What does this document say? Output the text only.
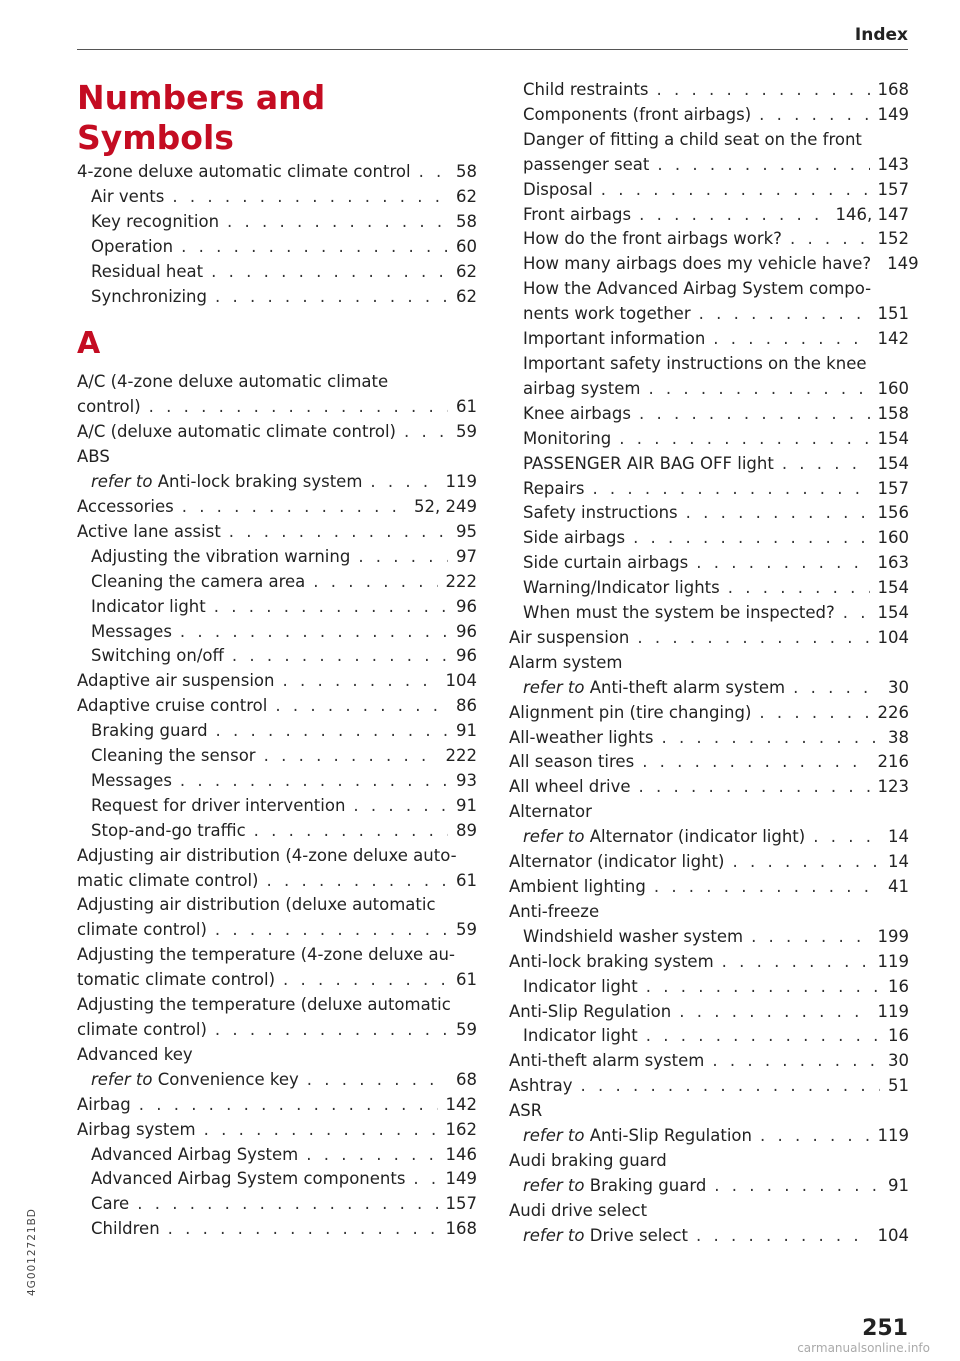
Index
Numbers and
Symbols
4-zone deluxe automatic climate control . . .	58
Air vents . . .	62
Key recognition . . .	58
Operation . . .	60
Residual heat . . .	62
Synchronizing . . .	62
A
A/C (4-zone deluxe automatic climate
control) . . .	61
A/C (deluxe automatic climate control) . . .	59
ABS
refer to Anti-lock braking system . . .	119
Accessories . . .	52, 249
Active lane assist . . .	95
Adjusting the vibration warning . . .	97
Cleaning the camera area . . .	222
Indicator light . . .	96
Messages . . .	96
Switching on/off . . .	96
Adaptive air suspension . . .	104
Adaptive cruise control . . .	86
Braking guard . . .	91
Cleaning the sensor . . .	222
Messages . . .	93
Request for driver intervention . . .	91
Stop-and-go traffic . . .	89
Adjusting air distribution (4-zone deluxe auto-
matic climate control) . . .	61
Adjusting air distribution (deluxe automatic
climate control) . . .	59
Adjusting the temperature (4-zone deluxe au-
tomatic climate control) . . .	61
Adjusting the temperature (deluxe automatic
climate control) . . .	59
Advanced key
refer to Convenience key . . .	68
Airbag . . .	142
Airbag system . . .	162
Advanced Airbag System . . .	146
Advanced Airbag System components . . . 149
Care . . .	157
Children . . .	168
Child restraints . . .	168
Components (front airbags) . . .	149
Danger of fitting a child seat on the front
passenger seat . . .	143
Disposal . . .	157
Front airbags . . .	146, 147
How do the front airbags work? . . .	152
How many airbags does my vehicle have? 149
How the Advanced Airbag System compo-
nents work together . . .	151
Important information . . .	142
Important safety instructions on the knee
airbag system . . .	160
Knee airbags . . .	158
Monitoring . . .	154
PASSENGER AIR BAG OFF light . . .	154
Repairs . . .	157
Safety instructions . . .	156
Side airbags . . .	160
Side curtain airbags . . .	163
Warning/Indicator lights . . .	154
When must the system be inspected? . . .	154
Air suspension . . .	104
Alarm system
refer to Anti-theft alarm system . . .	30
Alignment pin (tire changing) . . .	226
All-weather lights . . .	38
All season tires . . .	216
All wheel drive . . .	123
Alternator
refer to Alternator (indicator light) . . .	14
Alternator (indicator light) . . .	14
Ambient lighting . . .	41
Anti-freeze
Windshield washer system . . .	199
Anti-lock braking system . . .	119
Indicator light . . .	16
Anti-Slip Regulation . . .	119
Indicator light . . .	16
Anti-theft alarm system . . .	30
Ashtray . . .	51
ASR
refer to Anti-Slip Regulation . . .	119
Audi braking guard
refer to Braking guard . . .	91
Audi drive select
refer to Drive select . . .	104
4G0012721BD
251
carmanualsonline.info
